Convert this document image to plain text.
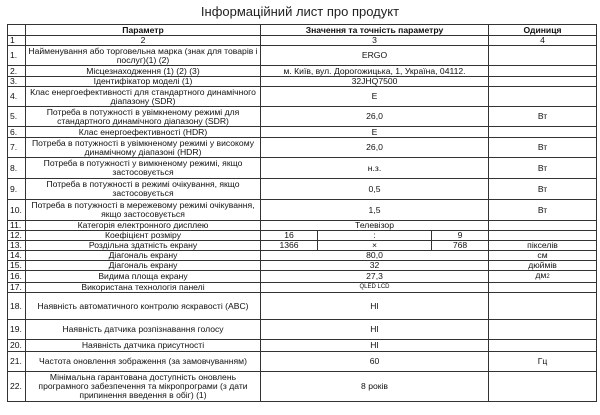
Інформаційний лист про продукт
	Параметр	Значення та точність параметру			Одиниця
1	2	3			4
1.	Найменування або торговельна марка (знак для товарів і послуг)(1) (2)	ERGO			
2.	Місцезнаходження (1) (2) (3)	м. Київ, вул. Дорогожицька, 1, Україна, 04112.			
3.	Ідентифікатор моделі (1)	32JHQ7500			
4.	Клас енергоефективності для стандартного динамічного діапазону (SDR)	E			
5.	Потреба в потужності в увімкненому режимі для стандартного динамічного діапазону (SDR)	26,0			Вт
6.	Клас енергоефективності (HDR)	E			
7.	Потреба в потужності в увімкненому режимі у високому динамічному діапазоні (HDR)	26,0			Вт
8.	Потреба в потужності у вимкненому режимі, якщо застосовується	н.з.			Вт
9.	Потреба в потужності в режимі очікування, якщо застосовується	0,5			Вт
10.	Потреба в потужності в мережевому режимі очікування, якщо застосовується	1,5			Вт
11.	Категорія електронного дисплею	Телевізор			
12.	Коефіцієнт розміру	16	:	9	
13.	Роздільна здатність екрану	1366	×	768	пікселів
14.	Діагональ екрану	80,0			см
15.	Діагональ екрану	32			дюймів
16.	Видима площа екрану	27,3			дм2
17.	Використана технологія панелі	QLED LCD			
18.	Наявність автоматичного контролю яскравості (ABC)	НІ			
19.	Наявність датчика розпізнавання голосу	НІ			
20.	Наявність датчика присутності	НІ			
21.	Частота оновлення зображення (за замовчуванням)	60			Гц
22.	Мінімальна гарантована доступність оновлень програмного забезпечення та мікропрограми (з дати припинення введення в обіг) (1)	8 років			
